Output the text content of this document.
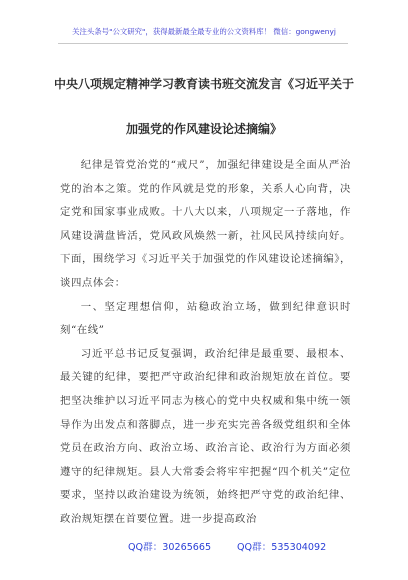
关注头条号"公文研究"，获得最新最全最专业的公文资料库！ 微信：gongwenyj
中央八项规定精神学习教育读书班交流发言《习近平关于
加强党的作风建设论述摘编》

纪律是管党治党的“戒尺”，加强纪律建设是全面从严治党的治本之策。党的作风就是党的形象，关系人心向背，决定党和国家事业成败。十八大以来，八项规定一子落地，作风建设满盘皆活，党风政风焕然一新，社风民风持续向好。下面，围绕学习《习近平关于加强党的作风建设论述摘编》，谈四点体会：

一、坚定理想信仰，站稳政治立场，做到纪律意识时刻“在线”

习近平总书记反复强调，政治纪律是最重要、最根本、最关键的纪律，要把严守政治纪律和政治规矩放在首位。要把坚决维护以习近平同志为核心的党中央权威和集中统一领导作为出发点和落脚点，进一步充实完善各级党组织和全体党员在政治方向、政治立场、政治言论、政治行为方面必须遵守的纪律规矩。县人大常委会将牢牢把握“四个机关”定位要求，坚持以政治建设为统领，始终把严守党的政治纪律、政治规矩摆在首要位置。进一步提高政治

QQ群：30265665	QQ群：535304092
